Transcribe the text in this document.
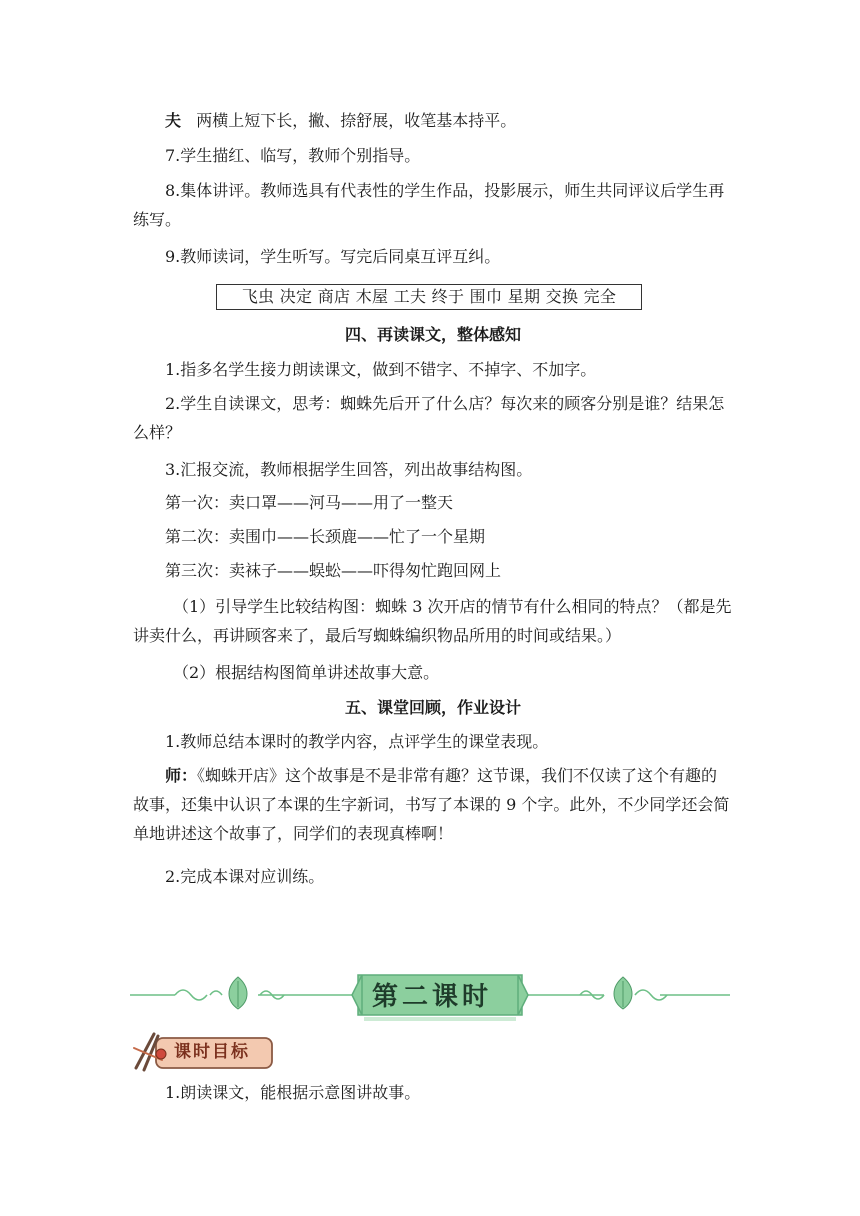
夫 两横上短下长，撇、捺舒展，收笔基本持平。
7.学生描红、临写，教师个别指导。
8.集体讲评。教师选具有代表性的学生作品，投影展示，师生共同评议后学生再练写。
9.教师读词，学生听写。写完后同桌互评互纠。
飞虫 决定 商店 木屋 工夫 终于 围巾 星期 交换 完全
四、再读课文，整体感知
1.指多名学生接力朗读课文，做到不错字、不掉字、不加字。
2.学生自读课文，思考：蜘蛛先后开了什么店？每次来的顾客分别是谁？结果怎么样？
3.汇报交流，教师根据学生回答，列出故事结构图。
第一次：卖口罩——河马——用了一整天
第二次：卖围巾——长颈鹿——忙了一个星期
第三次：卖袜子——蜈蚣——吓得匆忙跑回网上
（1）引导学生比较结构图：蜘蛛 3 次开店的情节有什么相同的特点？（都是先讲卖什么，再讲顾客来了，最后写蜘蛛编织物品所用的时间或结果。）
（2）根据结构图简单讲述故事大意。
五、课堂回顾，作业设计
1.教师总结本课时的教学内容，点评学生的课堂表现。
师：《蜘蛛开店》这个故事是不是非常有趣？这节课，我们不仅读了这个有趣的故事，还集中认识了本课的生字新词，书写了本课的 9 个字。此外，不少同学还会简单地讲述这个故事了，同学们的表现真棒啊！
2.完成本课对应训练。
第二课时
课时目标
1.朗读课文，能根据示意图讲故事。
